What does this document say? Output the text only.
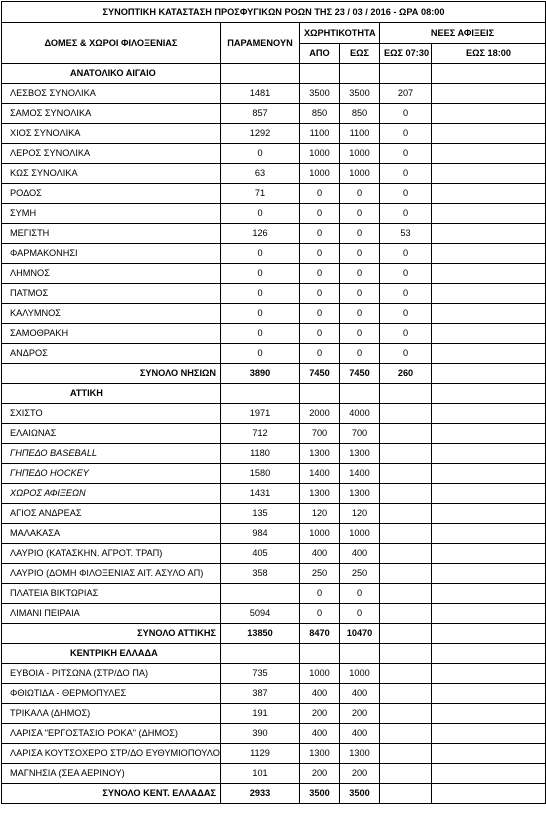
ΣΥΝΟΠΤΙΚΗ ΚΑΤΑΣΤΑΣΗ ΠΡΟΣΦΥΓΙΚΩΝ ΡΟΩΝ ΤΗΣ 23 / 03 / 2016 - ΩΡΑ 08:00					
ΔΟΜΕΣ & ΧΩΡΟΙ ΦΙΛΟΞΕΝΙΑΣ	ΠΑΡΑΜΕΝΟΥΝ	ΧΩΡΗΤΙΚΟΤΗΤΑ		ΝΕΕΣ ΑΦΙΞΕΙΣ	
		ΑΠΟ	ΕΩΣ	ΕΩΣ 07:30	ΕΩΣ 18:00
ΑΝΑΤΟΛΙΚΟ ΑΙΓΑΙΟ					
ΛΕΣΒΟΣ ΣΥΝΟΛΙΚΑ	1481	3500	3500	207	
ΣΑΜΟΣ ΣΥΝΟΛΙΚΑ	857	850	850	0	
ΧΙΟΣ ΣΥΝΟΛΙΚΑ	1292	1100	1100	0	
ΛΕΡΟΣ ΣΥΝΟΛΙΚΑ	0	1000	1000	0	
ΚΩΣ ΣΥΝΟΛΙΚΑ	63	1000	1000	0	
ΡΟΔΟΣ	71	0	0	0	
ΣΥΜΗ	0	0	0	0	
ΜΕΓΙΣΤΗ	126	0	0	53	
ΦΑΡΜΑΚΟΝΗΣΙ	0	0	0	0	
ΛΗΜΝΟΣ	0	0	0	0	
ΠΑΤΜΟΣ	0	0	0	0	
ΚΑΛΥΜΝΟΣ	0	0	0	0	
ΣΑΜΟΘΡΑΚΗ	0	0	0	0	
ΑΝΔΡΟΣ	0	0	0	0	
ΣΥΝΟΛΟ ΝΗΣΙΩΝ	3890	7450	7450	260	
ΑΤΤΙΚΗ					
ΣΧΙΣΤΟ	1971	2000	4000		
ΕΛΑΙΩΝΑΣ	712	700	700		
ΓΗΠΕΔΟ BASEBALL	1180	1300	1300		
ΓΗΠΕΔΟ HOCKEY	1580	1400	1400		
ΧΩΡΟΣ ΑΦΙΞΕΩΝ	1431	1300	1300		
ΑΓΙΟΣ ΑΝΔΡΕΑΣ	135	120	120		
ΜΑΛΑΚΑΣΑ	984	1000	1000		
ΛΑΥΡΙΟ (ΚΑΤΑΣΚΗΝ. ΑΓΡΟΤ. ΤΡΑΠ)	405	400	400		
ΛΑΥΡΙΟ (ΔΟΜΗ ΦΙΛΟΞΕΝΙΑΣ ΑΙΤ. ΑΣΥΛΟ ΑΠ)	358	250	250		
ΠΛΑΤΕΙΑ ΒΙΚΤΩΡΙΑΣ		0	0		
ΛΙΜΑΝΙ ΠΕΙΡΑΙΑ	5094	0	0		
ΣΥΝΟΛΟ ΑΤΤΙΚΗΣ	13850	8470	10470		
ΚΕΝΤΡΙΚΗ ΕΛΛΑΔΑ					
ΕΥΒΟΙΑ - ΡΙΤΣΩΝΑ (ΣΤΡ/ΔΟ ΠΑ)	735	1000	1000		
ΦΘΙΩΤΙΔΑ - ΘΕΡΜΟΠΥΛΕΣ	387	400	400		
ΤΡΙΚΑΛΑ (ΔΗΜΟΣ)	191	200	200		
ΛΑΡΙΣΑ "ΕΡΓΟΣΤΑΣΙΟ ΡΟΚΑ" (ΔΗΜΟΣ)	390	400	400		
ΛΑΡΙΣΑ ΚΟΥΤΣΟΧΕΡΟ ΣΤΡ/ΔΟ ΕΥΘΥΜΙΟΠΟΥΛΟ	1129	1300	1300		
ΜΑΓΝΗΣΙΑ (ΣΕΑ ΑΕΡΙΝΟΥ)	101	200	200		
ΣΥΝΟΛΟ ΚΕΝΤ. ΕΛΛΑΔΑΣ	2933	3500	3500		
